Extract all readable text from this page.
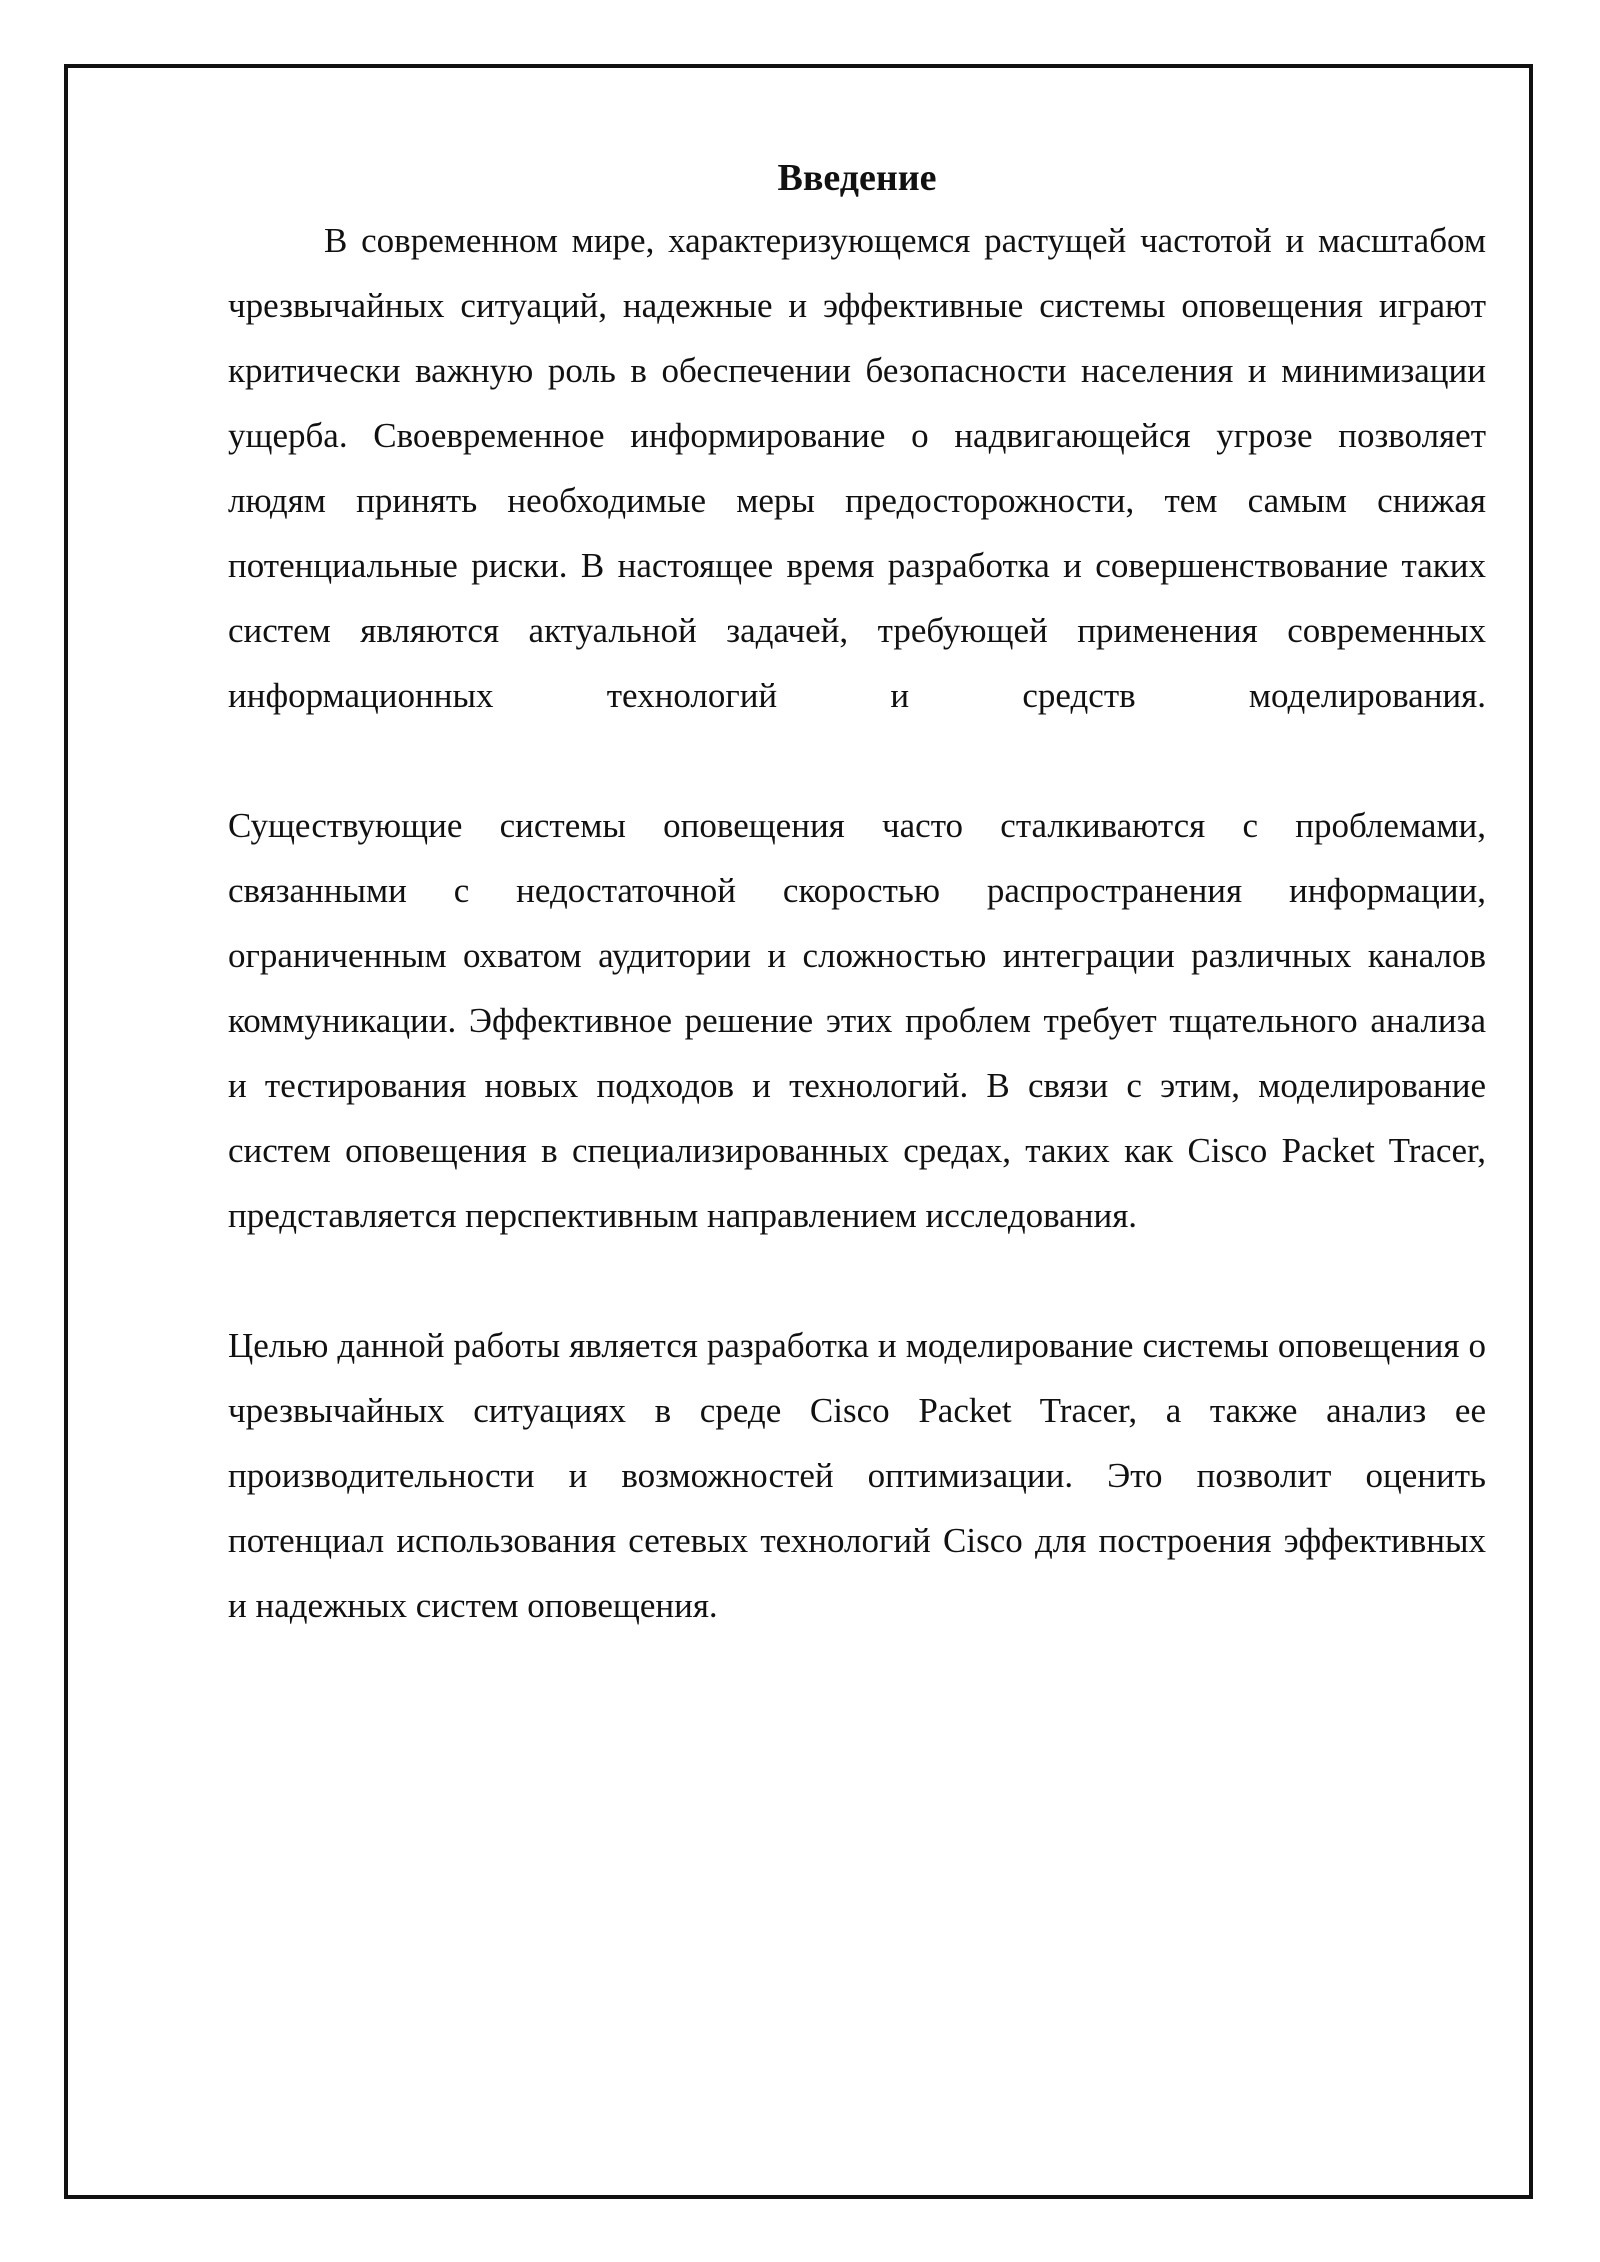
Введение

В современном мире, характеризующемся растущей частотой и масштабом чрезвычайных ситуаций, надежные и эффективные системы оповещения играют критически важную роль в обеспечении безопасности населения и минимизации ущерба. Своевременное информирование о надвигающейся угрозе позволяет людям принять необходимые меры предосторожности, тем самым снижая потенциальные риски. В настоящее время разработка и совершенствование таких систем являются актуальной задачей, требующей применения современных информационных технологий и средств моделирования.

Существующие системы оповещения часто сталкиваются с проблемами, связанными с недостаточной скоростью распространения информации, ограниченным охватом аудитории и сложностью интеграции различных каналов коммуникации. Эффективное решение этих проблем требует тщательного анализа и тестирования новых подходов и технологий. В связи с этим, моделирование систем оповещения в специализированных средах, таких как Cisco Packet Tracer, представляется перспективным направлением исследования.

Целью данной работы является разработка и моделирование системы оповещения о чрезвычайных ситуациях в среде Cisco Packet Tracer, а также анализ ее производительности и возможностей оптимизации. Это позволит оценить потенциал использования сетевых технологий Cisco для построения эффективных и надежных систем оповещения.
